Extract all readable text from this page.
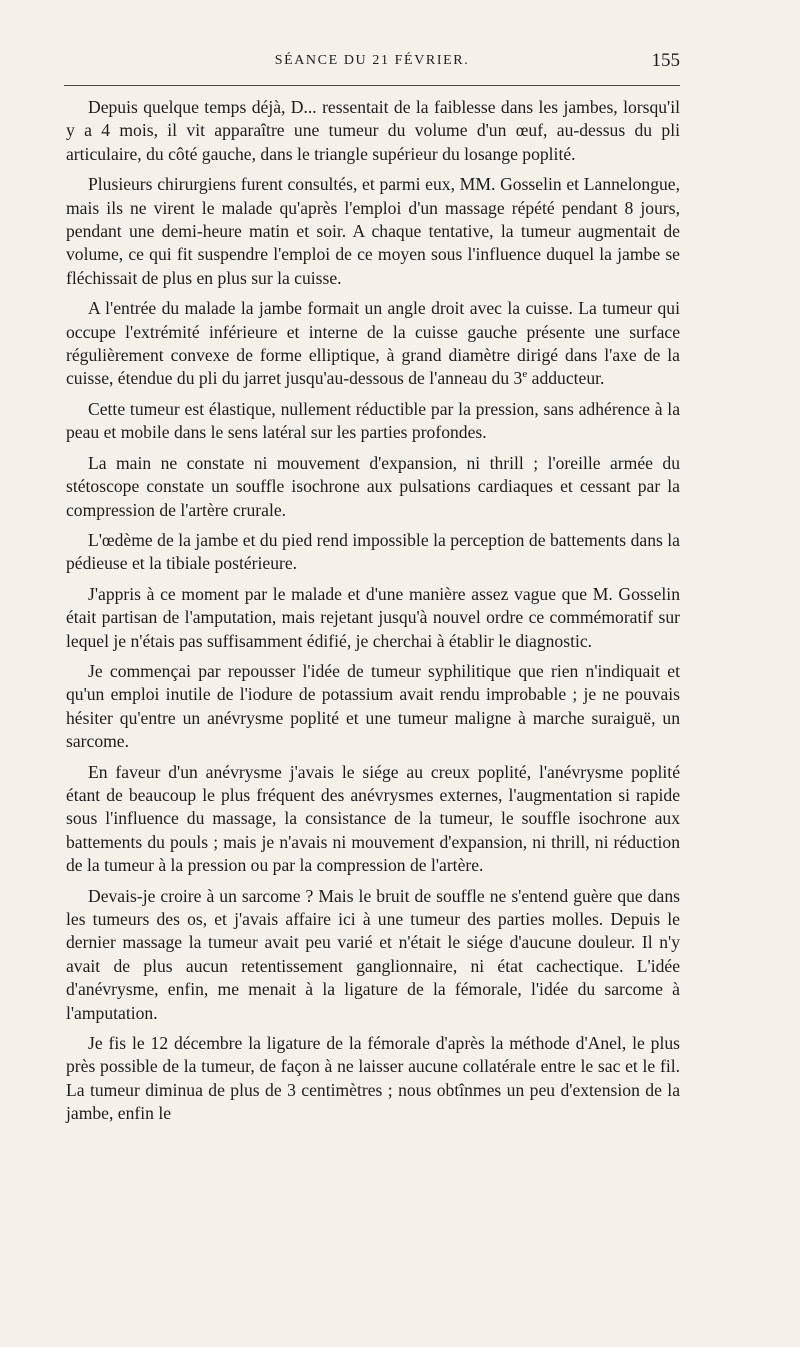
SÉANCE DU 21 FÉVRIER.	155

Depuis quelque temps déjà, D... ressentait de la faiblesse dans les jambes, lorsqu'il y a 4 mois, il vit apparaître une tumeur du volume d'un œuf, au-dessus du pli articulaire, du côté gauche, dans le triangle supérieur du losange poplité.

Plusieurs chirurgiens furent consultés, et parmi eux, MM. Gosselin et Lannelongue, mais ils ne virent le malade qu'après l'emploi d'un massage répété pendant 8 jours, pendant une demi-heure matin et soir. A chaque tentative, la tumeur augmentait de volume, ce qui fit suspendre l'emploi de ce moyen sous l'influence duquel la jambe se fléchissait de plus en plus sur la cuisse.

A l'entrée du malade la jambe formait un angle droit avec la cuisse. La tumeur qui occupe l'extrémité inférieure et interne de la cuisse gauche présente une surface régulièrement convexe de forme elliptique, à grand diamètre dirigé dans l'axe de la cuisse, étendue du pli du jarret jusqu'au-dessous de l'anneau du 3e adducteur.

Cette tumeur est élastique, nullement réductible par la pression, sans adhérence à la peau et mobile dans le sens latéral sur les parties profondes.

La main ne constate ni mouvement d'expansion, ni thrill ; l'oreille armée du stétoscope constate un souffle isochrone aux pulsations cardiaques et cessant par la compression de l'artère crurale.

L'œdème de la jambe et du pied rend impossible la perception de battements dans la pédieuse et la tibiale postérieure.

J'appris à ce moment par le malade et d'une manière assez vague que M. Gosselin était partisan de l'amputation, mais rejetant jusqu'à nouvel ordre ce commémoratif sur lequel je n'étais pas suffisamment édifié, je cherchai à établir le diagnostic.

Je commençai par repousser l'idée de tumeur syphilitique que rien n'indiquait et qu'un emploi inutile de l'iodure de potassium avait rendu improbable ; je ne pouvais hésiter qu'entre un anévrysme poplité et une tumeur maligne à marche suraiguë, un sarcome.

En faveur d'un anévrysme j'avais le siége au creux poplité, l'anévrysme poplité étant de beaucoup le plus fréquent des anévrysmes externes, l'augmentation si rapide sous l'influence du massage, la consistance de la tumeur, le souffle isochrone aux battements du pouls ; mais je n'avais ni mouvement d'expansion, ni thrill, ni réduction de la tumeur à la pression ou par la compression de l'artère.

Devais-je croire à un sarcome ? Mais le bruit de souffle ne s'entend guère que dans les tumeurs des os, et j'avais affaire ici à une tumeur des parties molles. Depuis le dernier massage la tumeur avait peu varié et n'était le siége d'aucune douleur. Il n'y avait de plus aucun retentissement ganglionnaire, ni état cachectique. L'idée d'anévrysme, enfin, me menait à la ligature de la fémorale, l'idée du sarcome à l'amputation.

Je fis le 12 décembre la ligature de la fémorale d'après la méthode d'Anel, le plus près possible de la tumeur, de façon à ne laisser aucune collatérale entre le sac et le fil. La tumeur diminua de plus de 3 centimètres ; nous obtînmes un peu d'extension de la jambe, enfin le
